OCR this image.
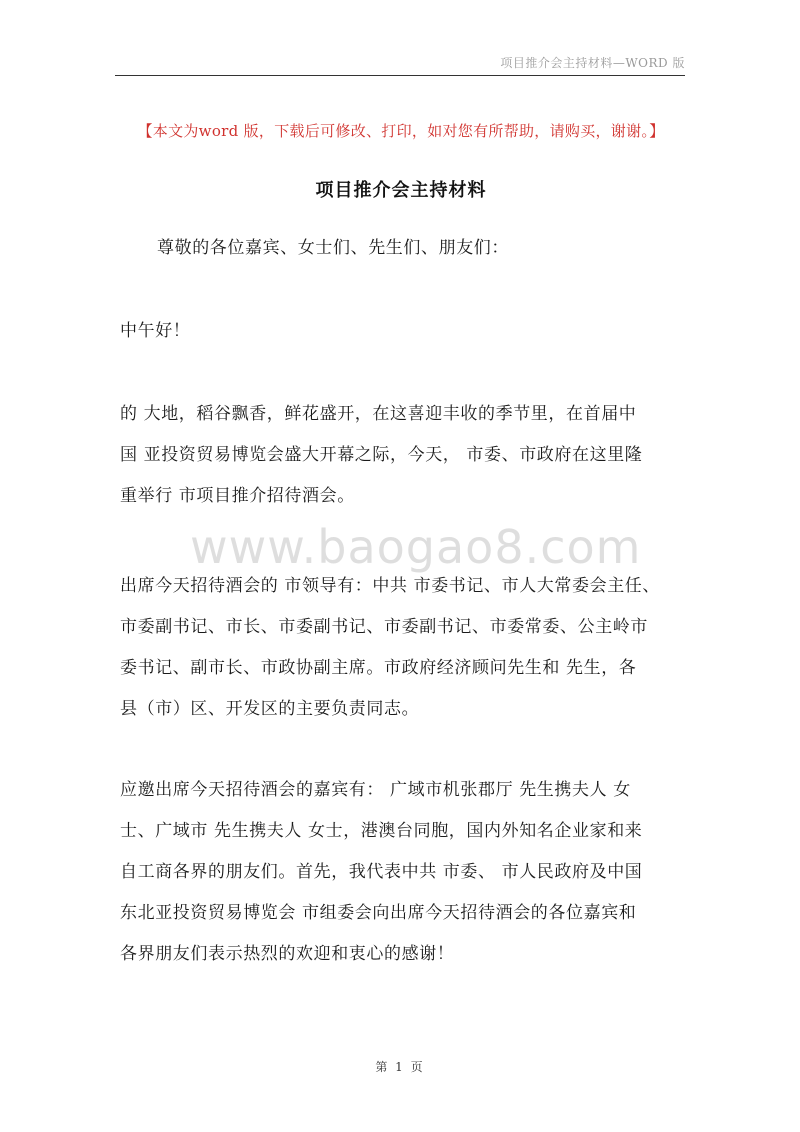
项目推介会主持材料—WORD 版
【本文为word 版，下载后可修改、打印，如对您有所帮助，请购买，谢谢。】
项目推介会主持材料
尊敬的各位嘉宾、女士们、先生们、朋友们：
中午好！
的 大地，稻谷飘香，鲜花盛开，在这喜迎丰收的季节里，在首届中
国 亚投资贸易博览会盛大开幕之际，今天， 市委、市政府在这里隆
重举行 市项目推介招待酒会。
www.baogao8.com
出席今天招待酒会的 市领导有：中共 市委书记、市人大常委会主任、
市委副书记、市长、市委副书记、市委副书记、市委常委、公主岭市
委书记、副市长、市政协副主席。市政府经济顾问先生和 先生，各
县（市）区、开发区的主要负责同志。
应邀出席今天招待酒会的嘉宾有： 广域市机张郡厅 先生携夫人 女
士、广域市 先生携夫人 女士，港澳台同胞，国内外知名企业家和来
自工商各界的朋友们。首先，我代表中共 市委、 市人民政府及中国
东北亚投资贸易博览会 市组委会向出席今天招待酒会的各位嘉宾和
各界朋友们表示热烈的欢迎和衷心的感谢！
第 1 页
